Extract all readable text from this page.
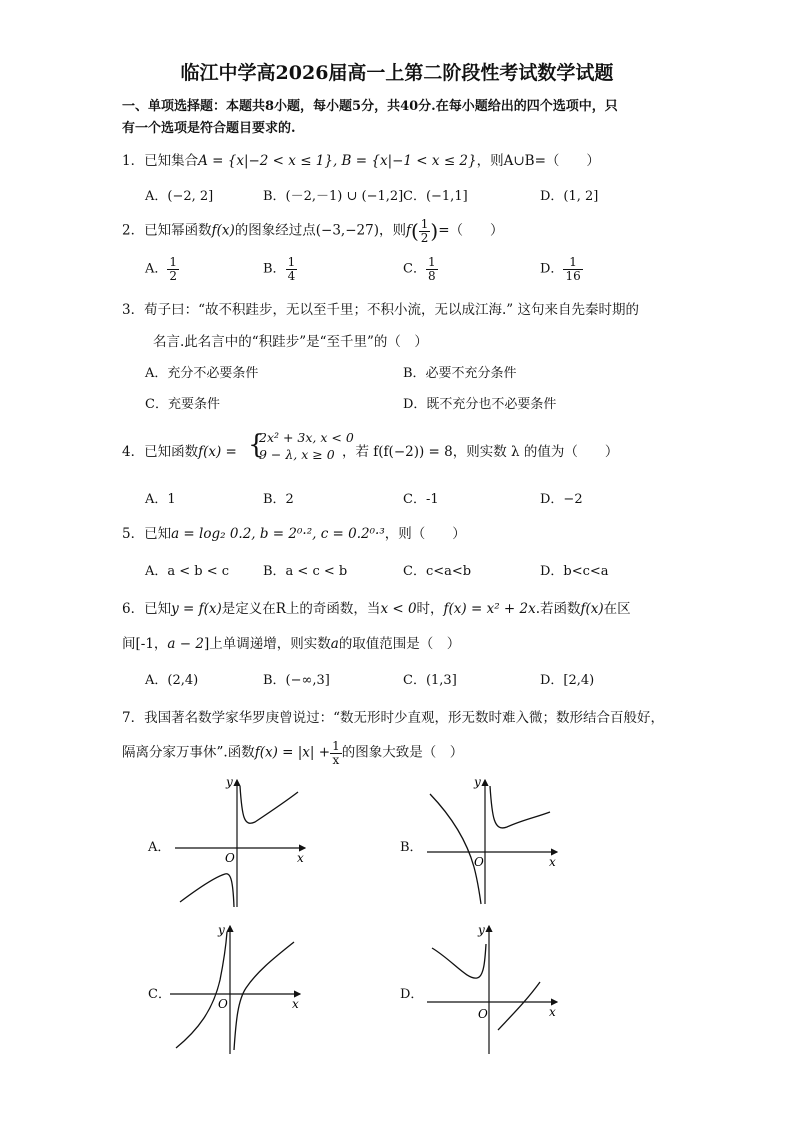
临江中学高2026届高一上第二阶段性考试数学试题
一、单项选择题：本题共8小题，每小题5分，共40分.在每小题给出的四个选项中，只
有一个选项是符合题目要求的.
1．已知集合A = {x|−2 < x ≤ 1}, B = {x|−1 < x ≤ 2}，则A∪B=（　　）
A．(−2, 2]	B．(－2,－1) ∪ (−1,2] C．(−1,1]	D．(1, 2]
2．已知幂函数f(x)的图象经过点(−3,−27)，则$f( \frac{1}{2}$ )=（　　）
A． $\frac{1}{2}$	B． $\frac{1}{4}$	C． $\frac{1}{8}$	D． $\frac{1}{16}$
3．荀子曰：“故不积跬步，无以至千里；不积小流，无以成江海.” 这句来自先秦时期的
名言.此名言中的“积跬步”是“至千里”的（　）
A．充分不必要条件	B．必要不充分条件
C．充要条件	D．既不充分也不必要条件
4．已知函数f(x) = {
2x² + 3x, x < 0
9 − λ, x ≥ 0 ，若 f(f(−2)) = 8，则实数 λ 的值为（　　）
A．1	B．2	C．-1	D．−2
5．已知a = log₂ 0.2, b = 2⁰·², c = 0.2⁰·³，则（　　）
A．a < b < c	B．a < c < b	C．c<a<b	D．b<c<a
6．已知y = f(x)是定义在R上的奇函数，当x < 0时，f(x) = x² + 2x.若函数f(x)在区
间[-1，a − 2]上单调递增，则实数a的取值范围是（　）
A．(2,4)	B．(−∞,3]	C．(1,3]	D．[2,4)
7．我国著名数学家华罗庚曾说过：“数无形时少直观，形无数时难入微；数形结合百般好，
隔离分家万事休”.函数$f(x) = |x| + \frac{1}{x}$ 的图象大致是（　）
A．
O	x
y
B．
O	x
y
C．
O	x
y
D．
O	x
y
